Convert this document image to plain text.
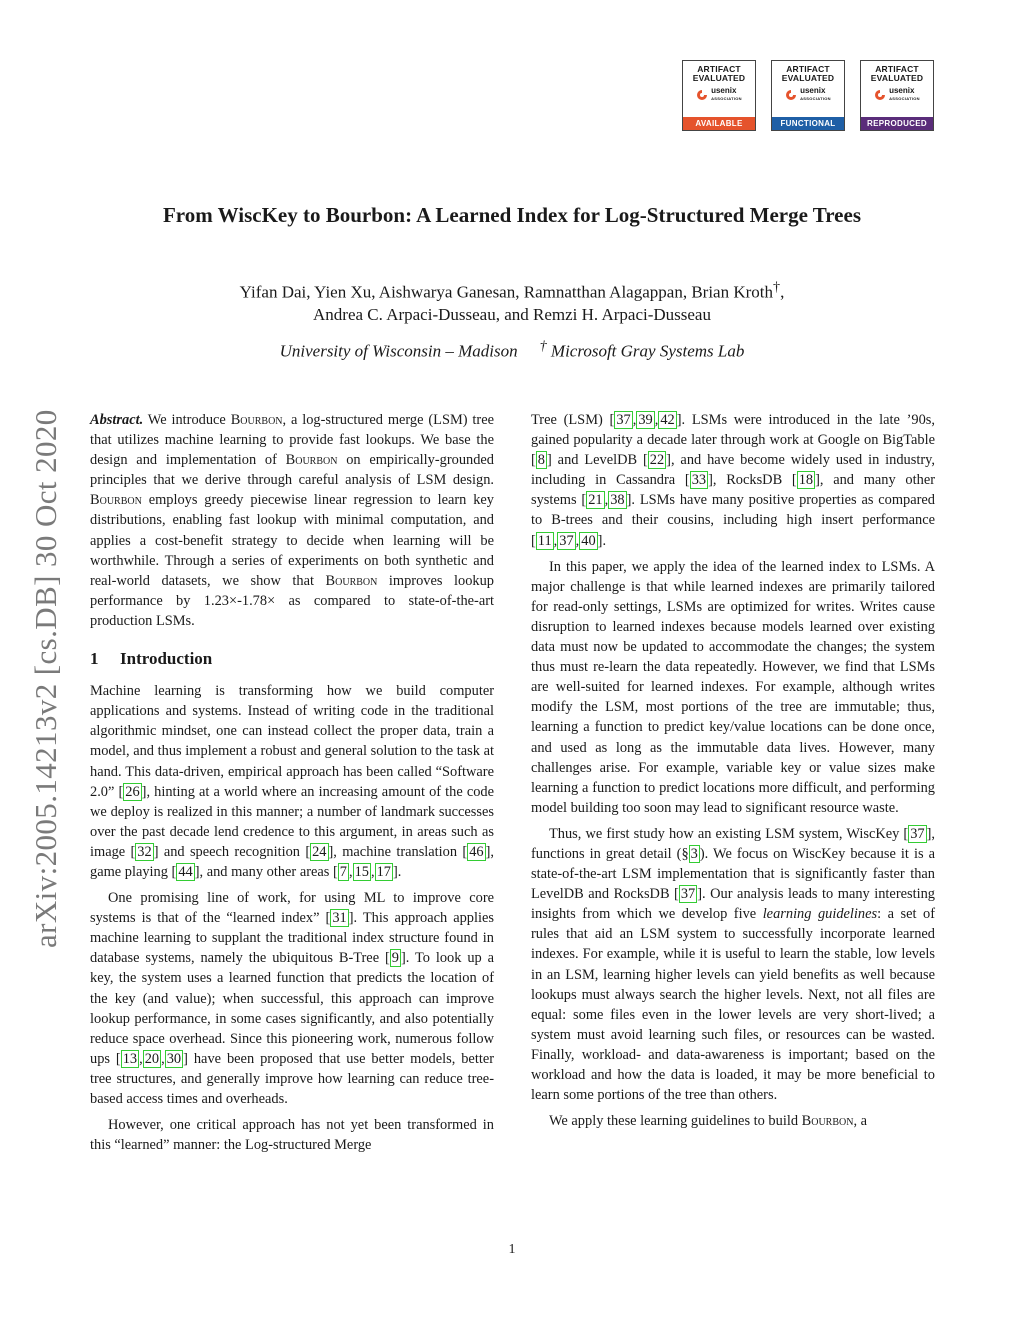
ARTIFACT
EVALUATED
usenix
ASSOCIATION
AVAILABLE
ARTIFACT
EVALUATED
usenix
ASSOCIATION
FUNCTIONAL
ARTIFACT
EVALUATED
usenix
ASSOCIATION
REPRODUCED
arXiv:2005.14213v2 [cs.DB] 30 Oct 2020
From WiscKey to Bourbon: A Learned Index for Log-Structured Merge Trees
Yifan Dai, Yien Xu, Aishwarya Ganesan, Ramnatthan Alagappan, Brian Kroth†,
Andrea C. Arpaci-Dusseau, and Remzi H. Arpaci-Dusseau
University of Wisconsin – Madison † Microsoft Gray Systems Lab

Abstract. We introduce Bourbon, a log-structured merge (LSM) tree that utilizes machine learning to provide fast lookups. We base the design and implementation of Bourbon on empirically-grounded principles that we derive through careful analysis of LSM design. Bourbon employs greedy piecewise linear regression to learn key distributions, enabling fast lookup with minimal computation, and applies a cost-benefit strategy to decide when learning will be worthwhile. Through a series of experiments on both synthetic and real-world datasets, we show that Bourbon improves lookup performance by 1.23×-1.78× as compared to state-of-the-art production LSMs.

1 Introduction

Machine learning is transforming how we build computer applications and systems. Instead of writing code in the traditional algorithmic mindset, one can instead collect the proper data, train a model, and thus implement a robust and general solution to the task at hand. This data-driven, empirical approach has been called “Software 2.0” [ 26 ], hinting at a world where an increasing amount of the code we deploy is realized in this manner; a number of landmark successes over the past decade lend credence to this argument, in areas such as image [ 32 ] and speech recognition [ 24 ], machine translation [ 46 ], game playing [ 44 ], and many other areas [ 7 , 15 , 17 ].

One promising line of work, for using ML to improve core systems is that of the “learned index” [ 31 ]. This approach applies machine learning to supplant the traditional index structure found in database systems, namely the ubiquitous B-Tree [ 9 ]. To look up a key, the system uses a learned function that predicts the location of the key (and value); when successful, this approach can improve lookup performance, in some cases significantly, and also potentially reduce space overhead. Since this pioneering work, numerous follow ups [ 13 , 20 , 30 ] have been proposed that use better models, better tree structures, and generally improve how learning can reduce tree-based access times and overheads.

However, one critical approach has not yet been transformed in this “learned” manner: the Log-structured Merge

Tree (LSM) [ 37 , 39 , 42 ]. LSMs were introduced in the late ’90s, gained popularity a decade later through work at Google on BigTable [ 8 ] and LevelDB [ 22 ], and have become widely used in industry, including in Cassandra [ 33 ], RocksDB [ 18 ], and many other systems [ 21 , 38 ]. LSMs have many positive properties as compared to B-trees and their cousins, including high insert performance [ 11 , 37 , 40 ].

In this paper, we apply the idea of the learned index to LSMs. A major challenge is that while learned indexes are primarily tailored for read-only settings, LSMs are optimized for writes. Writes cause disruption to learned indexes because models learned over existing data must now be updated to accommodate the changes; the system thus must re-learn the data repeatedly. However, we find that LSMs are well-suited for learned indexes. For example, although writes modify the LSM, most portions of the tree are immutable; thus, learning a function to predict key/value locations can be done once, and used as long as the immutable data lives. However, many challenges arise. For example, variable key or value sizes make learning a function to predict locations more difficult, and performing model building too soon may lead to significant resource waste.

Thus, we first study how an existing LSM system, WiscKey [ 37 ], functions in great detail (§ 3 ). We focus on WiscKey because it is a state-of-the-art LSM implementation that is significantly faster than LevelDB and RocksDB [ 37 ]. Our analysis leads to many interesting insights from which we develop five learning guidelines: a set of rules that aid an LSM system to successfully incorporate learned indexes. For example, while it is useful to learn the stable, low levels in an LSM, learning higher levels can yield benefits as well because lookups must always search the higher levels. Next, not all files are equal: some files even in the lower levels are very short-lived; a system must avoid learning such files, or resources can be wasted. Finally, workload- and data-awareness is important; based on the workload and how the data is loaded, it may be more beneficial to learn some portions of the tree than others.

We apply these learning guidelines to build Bourbon, a

1
